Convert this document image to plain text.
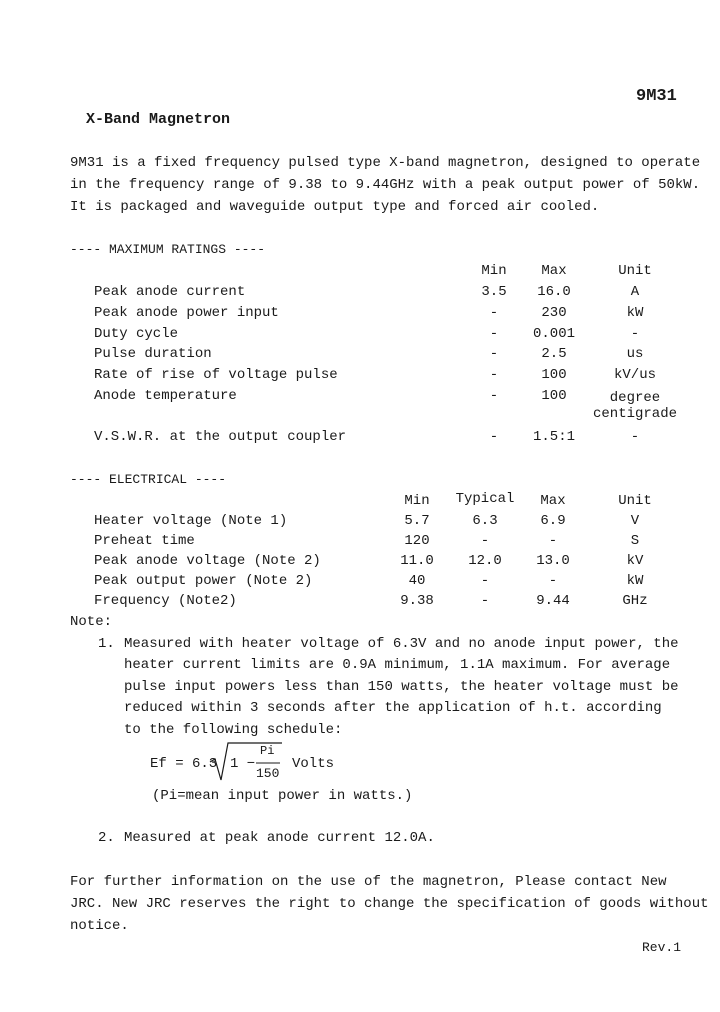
9M31
X-Band Magnetron
9M31 is a fixed frequency pulsed type X-band magnetron, designed to operate
in the frequency range of 9.38 to 9.44GHz with a peak output power of 50kW.
It is packaged and waveguide output type and forced air cooled.
---- MAXIMUM RATINGS ----
Min	Max	Unit
Peak anode current	3.5	16.0	A
Peak anode power input	-	230	kW
Duty cycle	-	0.001	-
Pulse duration	-	2.5	us
Rate of rise of voltage pulse	-	100	kV/us
Anode temperature	-	100	degree
centigrade
V.S.W.R. at the output coupler	-	1.5:1	-
---- ELECTRICAL ----
Min	Typical	Max	Unit
Heater voltage (Note 1)	5.7	6.3	6.9	V
Preheat time	120	-	-	S
Peak anode voltage (Note 2)	11.0	12.0	13.0	kV
Peak output power (Note 2)	40	-	-	kW
Frequency (Note2)	9.38	-	9.44	GHz
Note:
1. Measured with heater voltage of 6.3V and no anode input power, the
heater current limits are 0.9A minimum, 1.1A maximum. For average
pulse input powers less than 150 watts, the heater voltage must be
reduced within 3 seconds after the application of h.t. according
to the following schedule:
Ef = 6.3 1 −
Pi
150
Volts
(Pi=mean input power in watts.)
2. Measured at peak anode current 12.0A.
For further information on the use of the magnetron, Please contact New
JRC. New JRC reserves the right to change the specification of goods without
notice.
Rev.1
